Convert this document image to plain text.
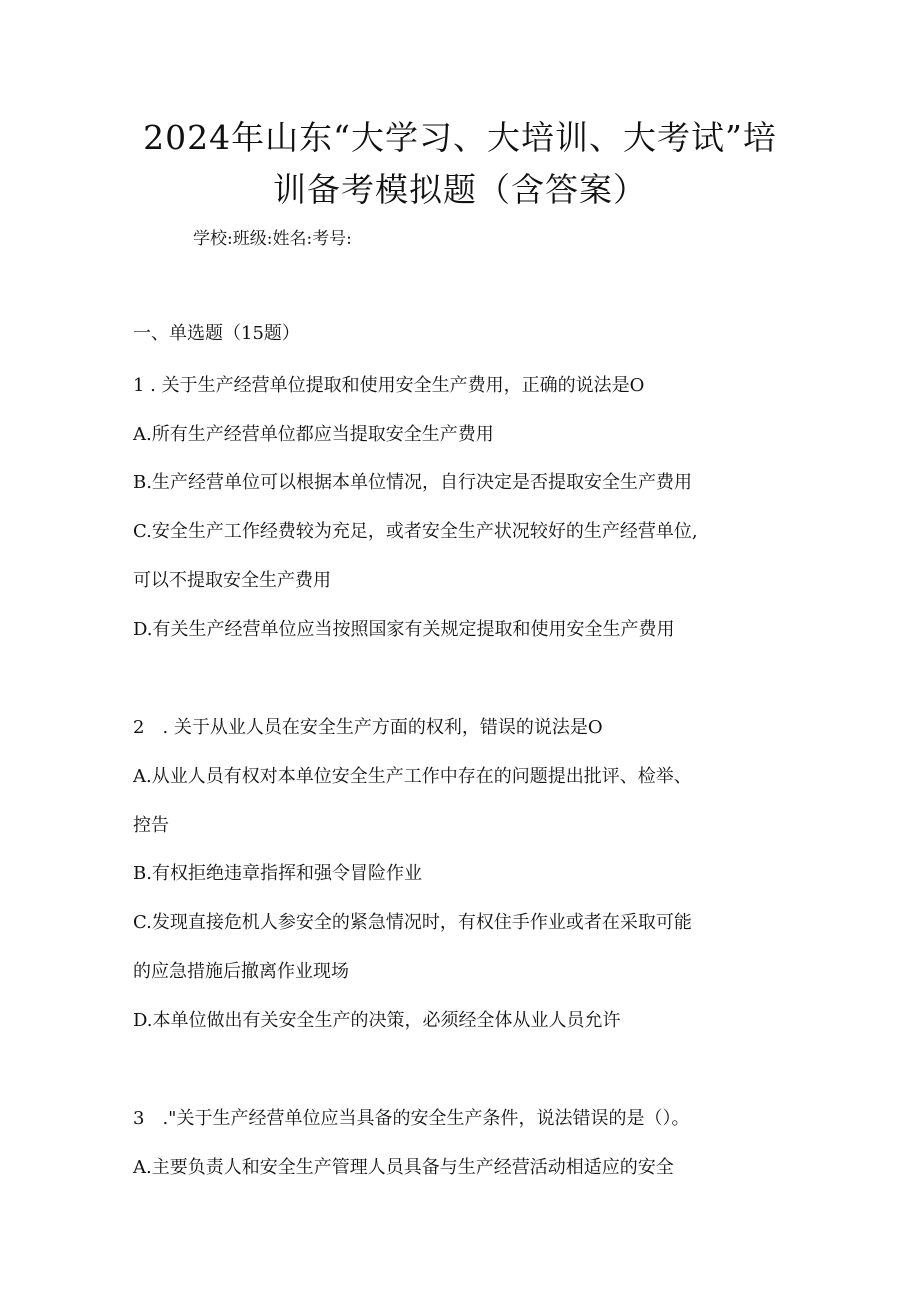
2024年山东“大学习、大培训、大考试”培
训备考模拟题（含答案）
学校:班级:姓名:考号:
一、单选题（15题）
1 . 关于生产经营单位提取和使用安全生产费用，正确的说法是O
A.所有生产经营单位都应当提取安全生产费用
B.生产经营单位可以根据本单位情况，自行决定是否提取安全生产费用
C.安全生产工作经费较为充足，或者安全生产状况较好的生产经营单位,
可以不提取安全生产费用
D.有关生产经营单位应当按照国家有关规定提取和使用安全生产费用
2　. 关于从业人员在安全生产方面的权利，错误的说法是O
A.从业人员有权对本单位安全生产工作中存在的问题提出批评、检举、
控告
B.有权拒绝违章指挥和强令冒险作业
C.发现直接危机人参安全的紧急情况时，有权住手作业或者在采取可能
的应急措施后撤离作业现场
D.本单位做出有关安全生产的决策，必须经全体从业人员允许
3　."关于生产经营单位应当具备的安全生产条件，说法错误的是（）。
A.主要负责人和安全生产管理人员具备与生产经营活动相适应的安全
